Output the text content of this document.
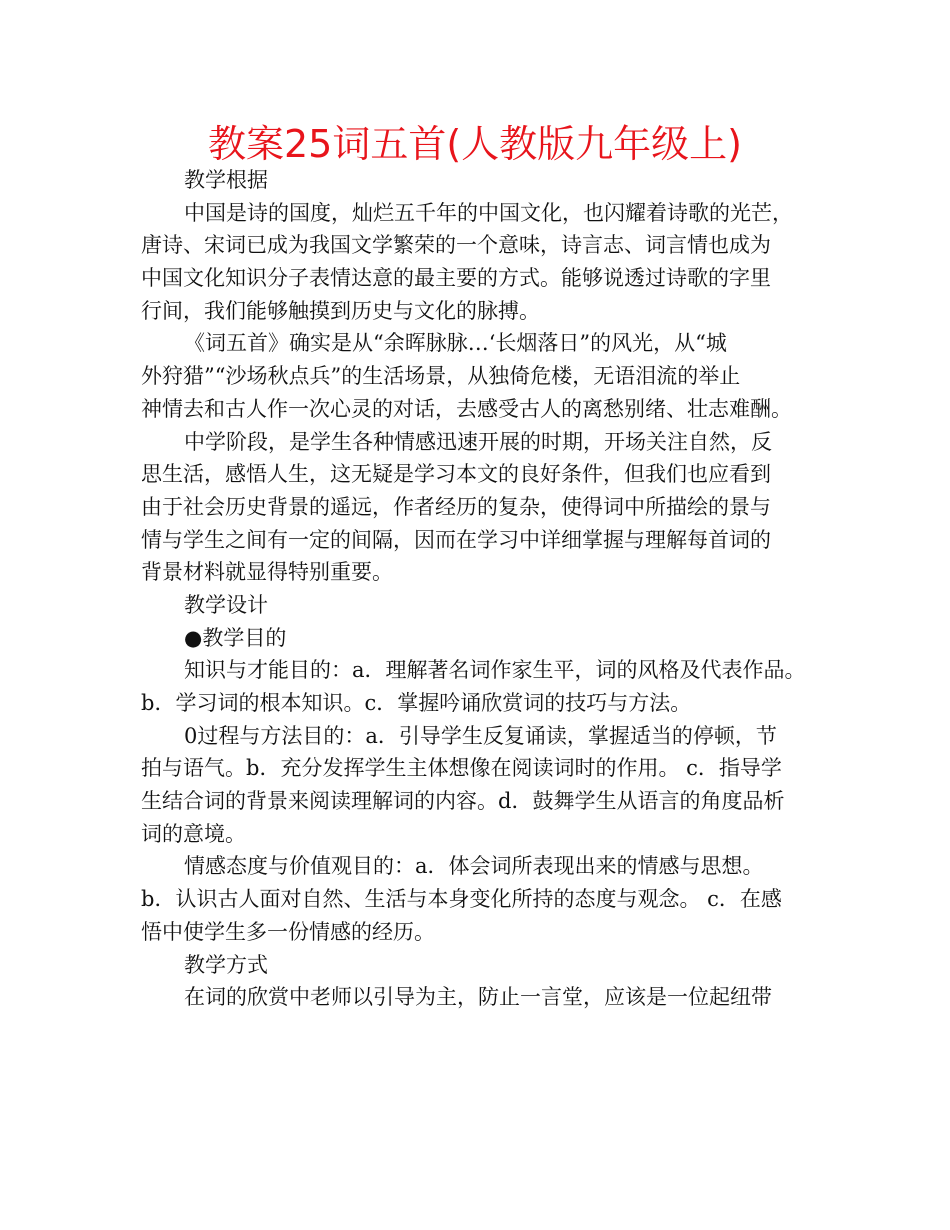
教案25词五首(人教版九年级上)
教学根据
中国是诗的国度，灿烂五千年的中国文化，也闪耀着诗歌的光芒，
唐诗、宋词已成为我国文学繁荣的一个意味，诗言志、词言情也成为
中国文化知识分子表情达意的最主要的方式。能够说透过诗歌的字里
行间，我们能够触摸到历史与文化的脉搏。
《词五首》确实是从“余晖脉脉…‘长烟落日”的风光，从“城
外狩猎”“沙场秋点兵”的生活场景，从独倚危楼，无语泪流的举止
神情去和古人作一次心灵的对话，去感受古人的离愁别绪、壮志难酬。
中学阶段，是学生各种情感迅速开展的时期，开场关注自然，反
思生活，感悟人生，这无疑是学习本文的良好条件，但我们也应看到
由于社会历史背景的遥远，作者经历的复杂，使得词中所描绘的景与
情与学生之间有一定的间隔，因而在学习中详细掌握与理解每首词的
背景材料就显得特别重要。
教学设计
●教学目的
知识与才能目的：a．理解著名词作家生平，词的风格及代表作品。
b．学习词的根本知识。c．掌握吟诵欣赏词的技巧与方法。
0过程与方法目的：a．引导学生反复诵读，掌握适当的停顿，节
拍与语气。b．充分发挥学生主体想像在阅读词时的作用。 c．指导学
生结合词的背景来阅读理解词的内容。d．鼓舞学生从语言的角度品析
词的意境。
情感态度与价值观目的：a．体会词所表现出来的情感与思想。
b．认识古人面对自然、生活与本身变化所持的态度与观念。 c．在感
悟中使学生多一份情感的经历。
教学方式
在词的欣赏中老师以引导为主，防止一言堂，应该是一位起纽带
